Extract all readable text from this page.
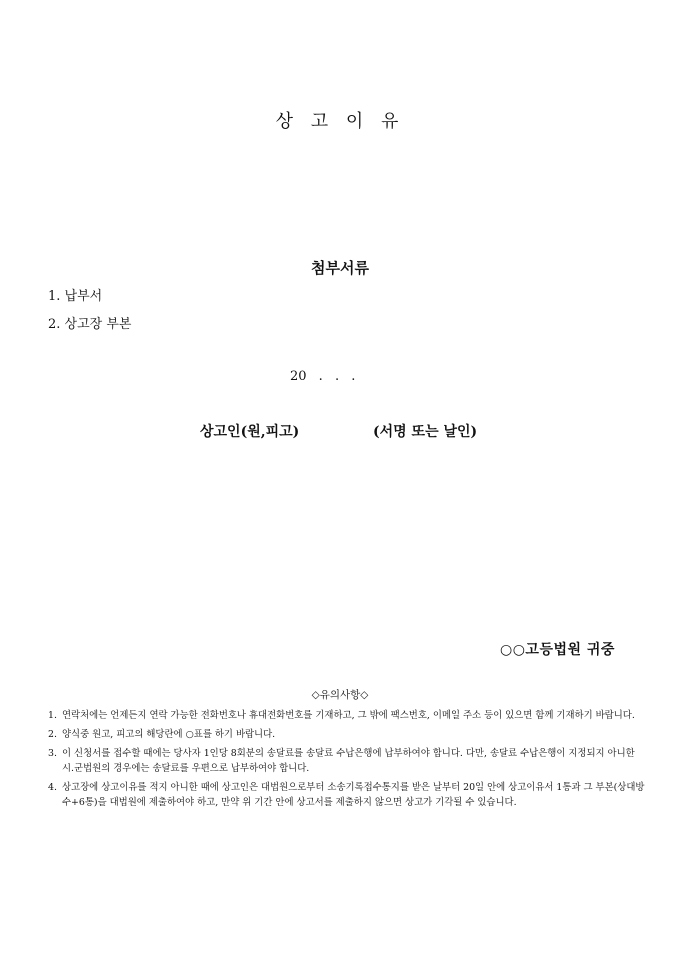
상 고 이 유
첨부서류
1. 납부서
2. 상고장 부본
20 . . .
상고인(원,피고)	(서명 또는 날인)
○○고등법원 귀중
◇유의사항◇
1. 연락처에는 언제든지 연락 가능한 전화번호나 휴대전화번호를 기재하고, 그 밖에 팩스번호, 이메일 주소 등이 있으면 함께 기재하기 바랍니다.
2. 양식중 원고, 피고의 해당란에 ○표를 하기 바랍니다.
3. 이 신청서를 접수할 때에는 당사자 1인당 8회분의 송달료를 송달료 수납은행에 납부하여야 합니다. 다만, 송달료 수납은행이 지정되지 아니한 시.군법원의 경우에는 송달료를 우편으로 납부하여야 합니다.
4. 상고장에 상고이유를 적지 아니한 때에 상고인은 대법원으로부터 소송기록접수통지를 받은 날부터 20일 안에 상고이유서 1통과 그 부본(상대방수+6통)을 대법원에 제출하여야 하고, 만약 위 기간 안에 상고서를 제출하지 않으면 상고가 기각될 수 있습니다.
